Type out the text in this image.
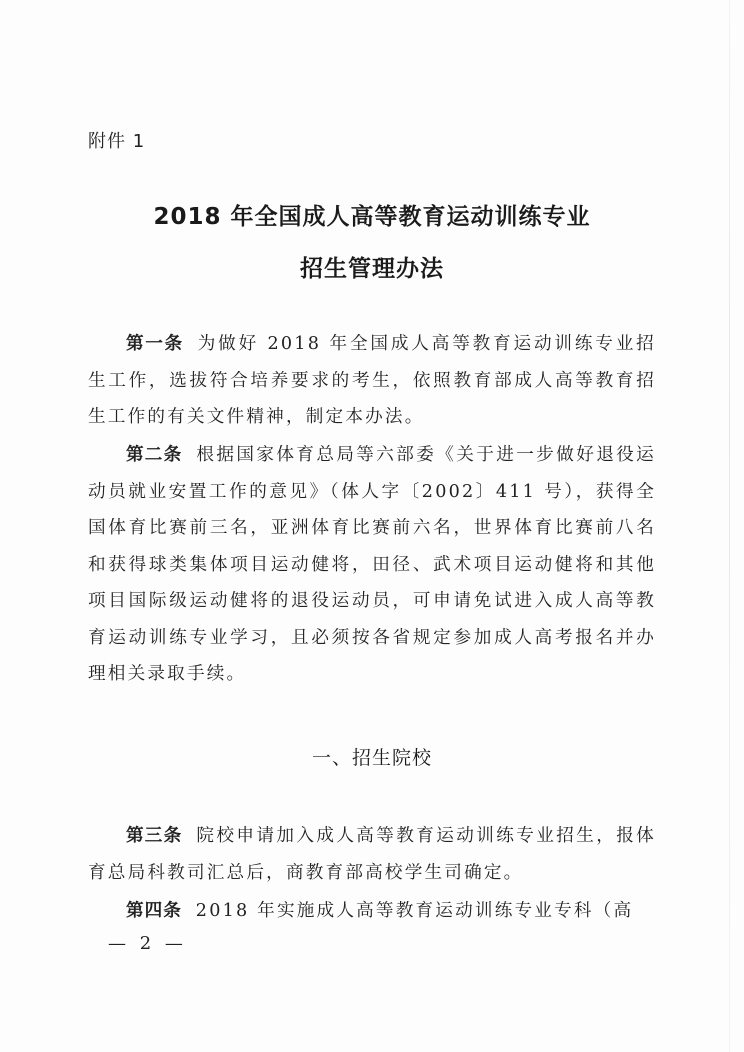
附件 1
2018 年全国成人高等教育运动训练专业
招生管理办法
第一条 为做好 2018 年全国成人高等教育运动训练专业招生工作，选拔符合培养要求的考生，依照教育部成人高等教育招生工作的有关文件精神，制定本办法。
第二条 根据国家体育总局等六部委《关于进一步做好退役运动员就业安置工作的意见》（体人字〔2002〕411 号），获得全国体育比赛前三名，亚洲体育比赛前六名，世界体育比赛前八名和获得球类集体项目运动健将，田径、武术项目运动健将和其他项目国际级运动健将的退役运动员，可申请免试进入成人高等教育运动训练专业学习，且必须按各省规定参加成人高考报名并办理相关录取手续。
一、招生院校
第三条 院校申请加入成人高等教育运动训练专业招生，报体育总局科教司汇总后，商教育部高校学生司确定。
第四条 2018 年实施成人高等教育运动训练专业专科（高
— 2 —
